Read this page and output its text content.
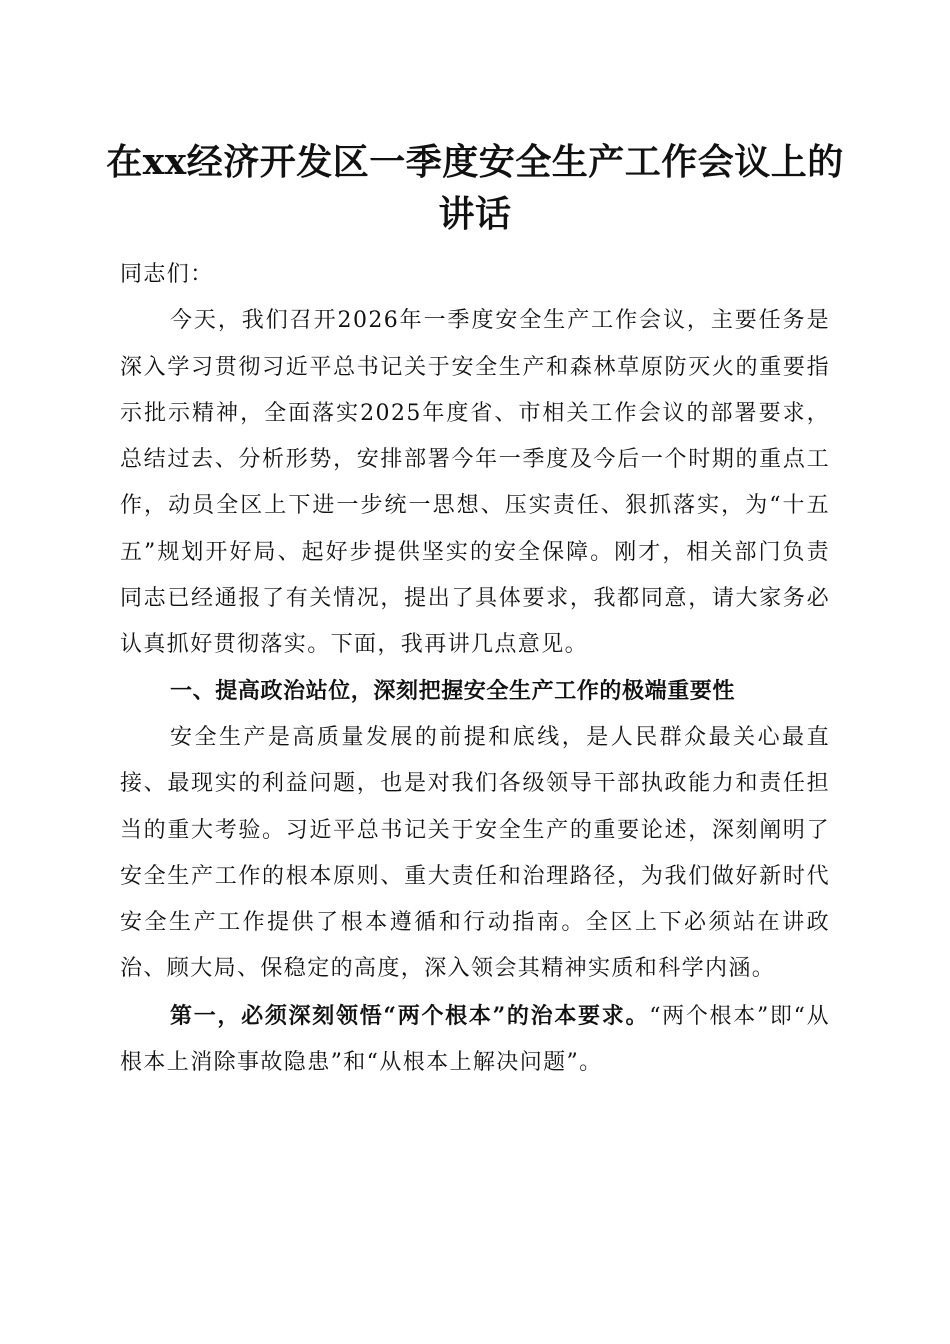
在xx经济开发区一季度安全生产工作会议上的讲话

同志们：

今天，我们召开2026年一季度安全生产工作会议，主要任务是深入学习贯彻习近平总书记关于安全生产和森林草原防灭火的重要指示批示精神，全面落实2025年度省、市相关工作会议的部署要求，总结过去、分析形势，安排部署今年一季度及今后一个时期的重点工作，动员全区上下进一步统一思想、压实责任、狠抓落实，为“十五五”规划开好局、起好步提供坚实的安全保障。刚才，相关部门负责同志已经通报了有关情况，提出了具体要求，我都同意，请大家务必认真抓好贯彻落实。下面，我再讲几点意见。

一、提高政治站位，深刻把握安全生产工作的极端重要性

安全生产是高质量发展的前提和底线，是人民群众最关心最直接、最现实的利益问题，也是对我们各级领导干部执政能力和责任担当的重大考验。习近平总书记关于安全生产的重要论述，深刻阐明了安全生产工作的根本原则、重大责任和治理路径，为我们做好新时代安全生产工作提供了根本遵循和行动指南。全区上下必须站在讲政治、顾大局、保稳定的高度，深入领会其精神实质和科学内涵。

第一，必须深刻领悟“两个根本”的治本要求。“两个根本”即“从根本上消除事故隐患”和“从根本上解决问题”。
